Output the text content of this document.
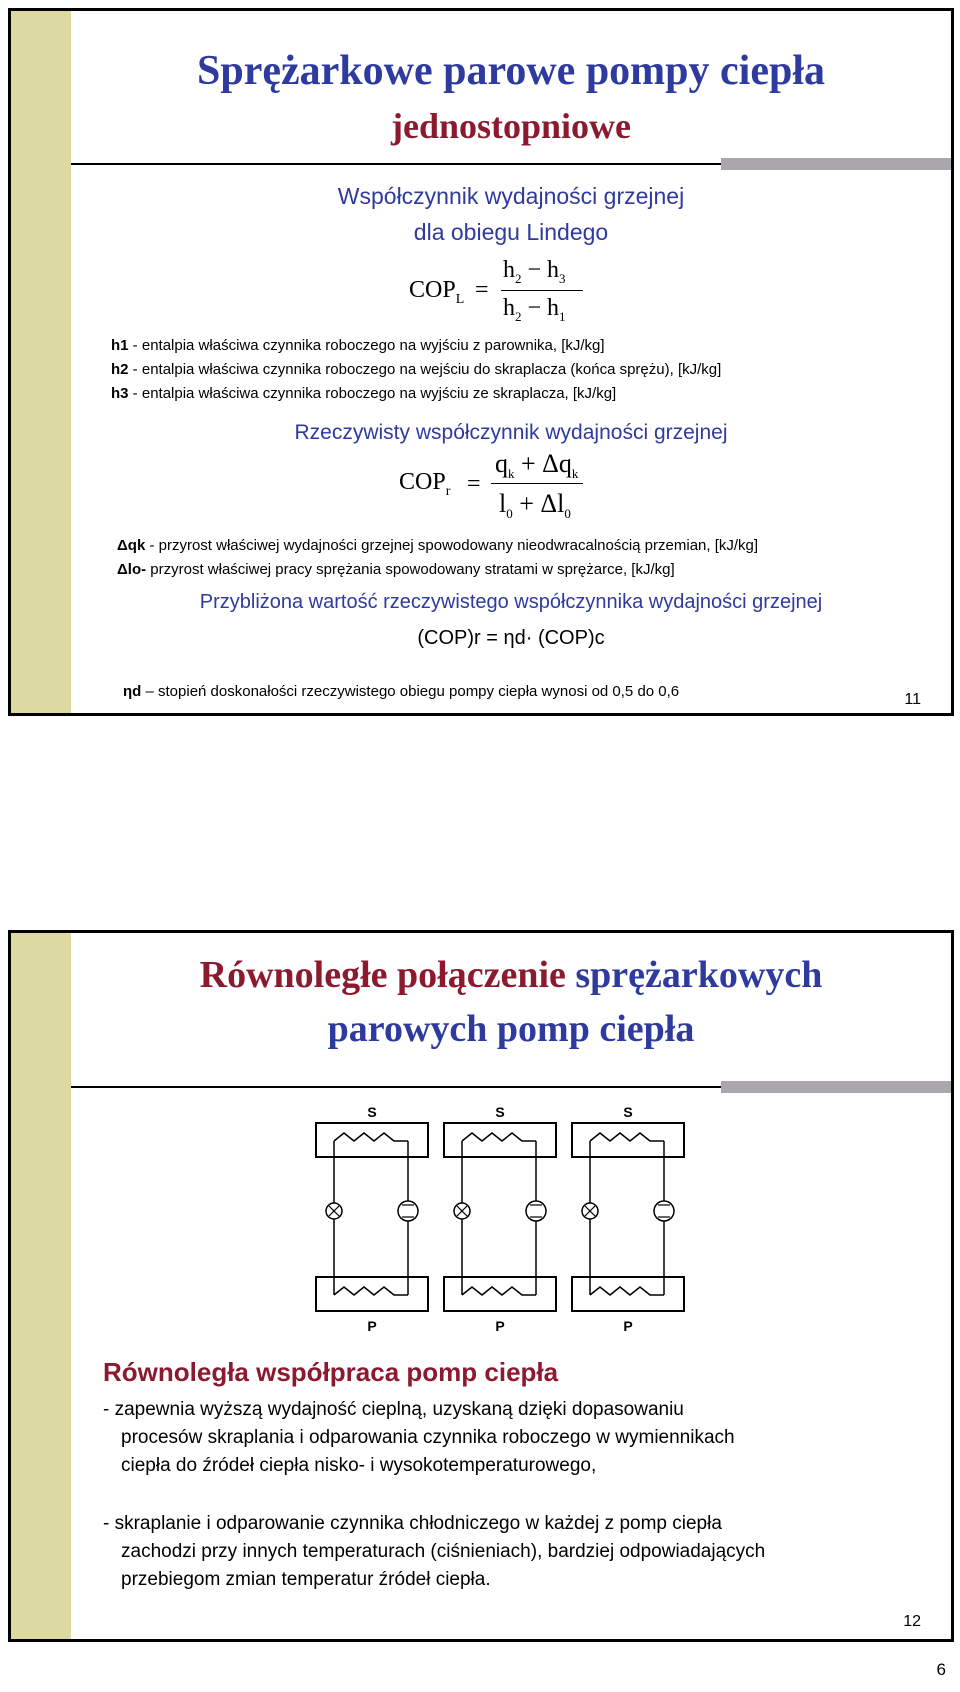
Sprężarkowe parowe pompy ciepła
jednostopniowe
Współczynnik wydajności grzejnej
dla obiegu Lindego
$COP_L$ =
$h_2 - h_3$
$h_2 - h_1$
h1 - entalpia właściwa czynnika roboczego na wyjściu z parownika, [kJ/kg]
h2 - entalpia właściwa czynnika roboczego na wejściu do skraplacza (końca sprężu), [kJ/kg]
h3 - entalpia właściwa czynnika roboczego na wyjściu ze skraplacza, [kJ/kg]
Rzeczywisty współczynnik wydajności grzejnej
$COP_r$ =
$q_k + \Delta q_k$
$l_0 + \Delta l_0$
Δqk - przyrost właściwej wydajności grzejnej spowodowany nieodwracalnością przemian, [kJ/kg]
Δlo- przyrost właściwej pracy sprężania spowodowany stratami w sprężarce, [kJ/kg]
Przybliżona wartość rzeczywistego współczynnika wydajności grzejnej
(COP)r = ηd· (COP)c
ηd – stopień doskonałości rzeczywistego obiegu pompy ciepła wynosi od 0,5 do 0,6	11
Równoległe połączenie sprężarkowych
parowych pomp ciepła
S
P
S
P
S
P
Równoległa współpraca pomp ciepła
- zapewnia wyższą wydajność cieplną, uzyskaną dzięki dopasowaniu
procesów skraplania i odparowania czynnika roboczego w wymiennikach
ciepła do źródeł ciepła nisko- i wysokotemperaturowego,
- skraplanie i odparowanie czynnika chłodniczego w każdej z pomp ciepła
zachodzi przy innych temperaturach (ciśnieniach), bardziej odpowiadających
przebiegom zmian temperatur źródeł ciepła.
12
6
